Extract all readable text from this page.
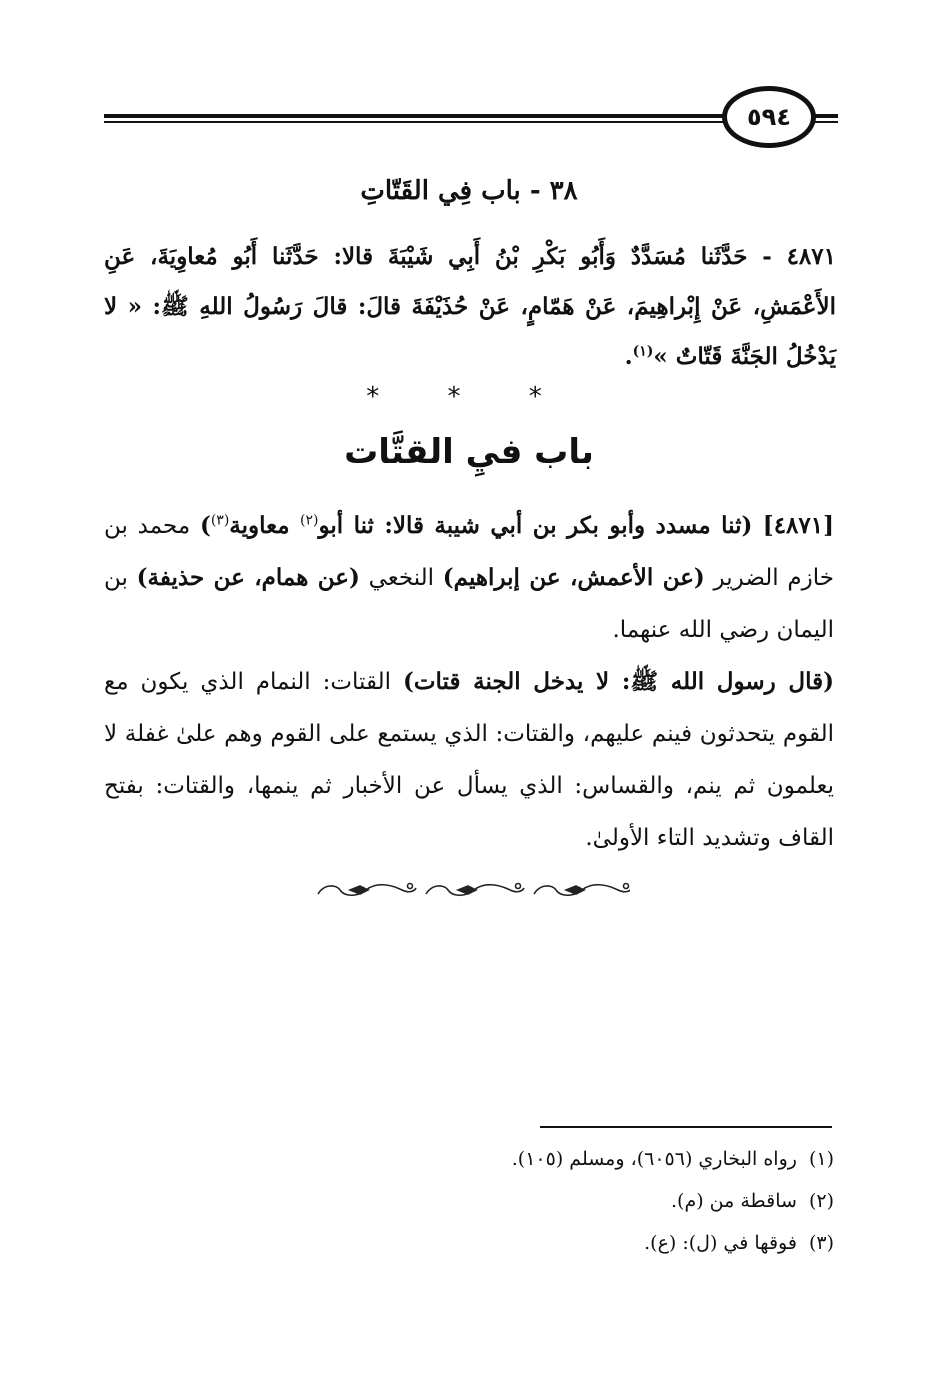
٥٩٤
٣٨ - باب فِي القَتّاتِ
٤٨٧١ - حَدَّثَنا مُسَدَّدٌ وَأَبُو بَكْرِ بْنُ أَبِي شَيْبَةَ قالا: حَدَّثَنا أَبُو مُعاوِيَةَ، عَنِ الأَعْمَشِ، عَنْ إِبْراهِيمَ، عَنْ هَمّامٍ، عَنْ حُذَيْفَةَ قالَ: قالَ رَسُولُ اللهِ ﷺ: « لا يَدْخُلُ الجَنَّةَ قَتّاتٌ »$^{(١)}$.
* * *
باب فيِ القتَّات

[٤٨٧١] (ثنا مسدد وأبو بكر بن أبي شيبة قالا: ثنا أبو$^{(٢)}$ معاوية$^{(٣)}$) محمد بن خازم الضرير (عن الأعمش، عن إبراهيم) النخعي (عن همام، عن حذيفة) بن اليمان رضي الله عنهما.

(قال رسول الله ﷺ: لا يدخل الجنة قتات) القتات: النمام الذي يكون مع القوم يتحدثون فينم عليهم، والقتات: الذي يستمع على القوم وهم علىٰ غفلة لا يعلمون ثم ينم، والقساس: الذي يسأل عن الأخبار ثم ينمها، والقتات: بفتح القاف وتشديد التاء الأولىٰ.

(١)رواه البخاري (٦٠٥٦)، ومسلم (١٠٥).
(٢)ساقطة من (م).
(٣)فوقها في (ل): (ع).
